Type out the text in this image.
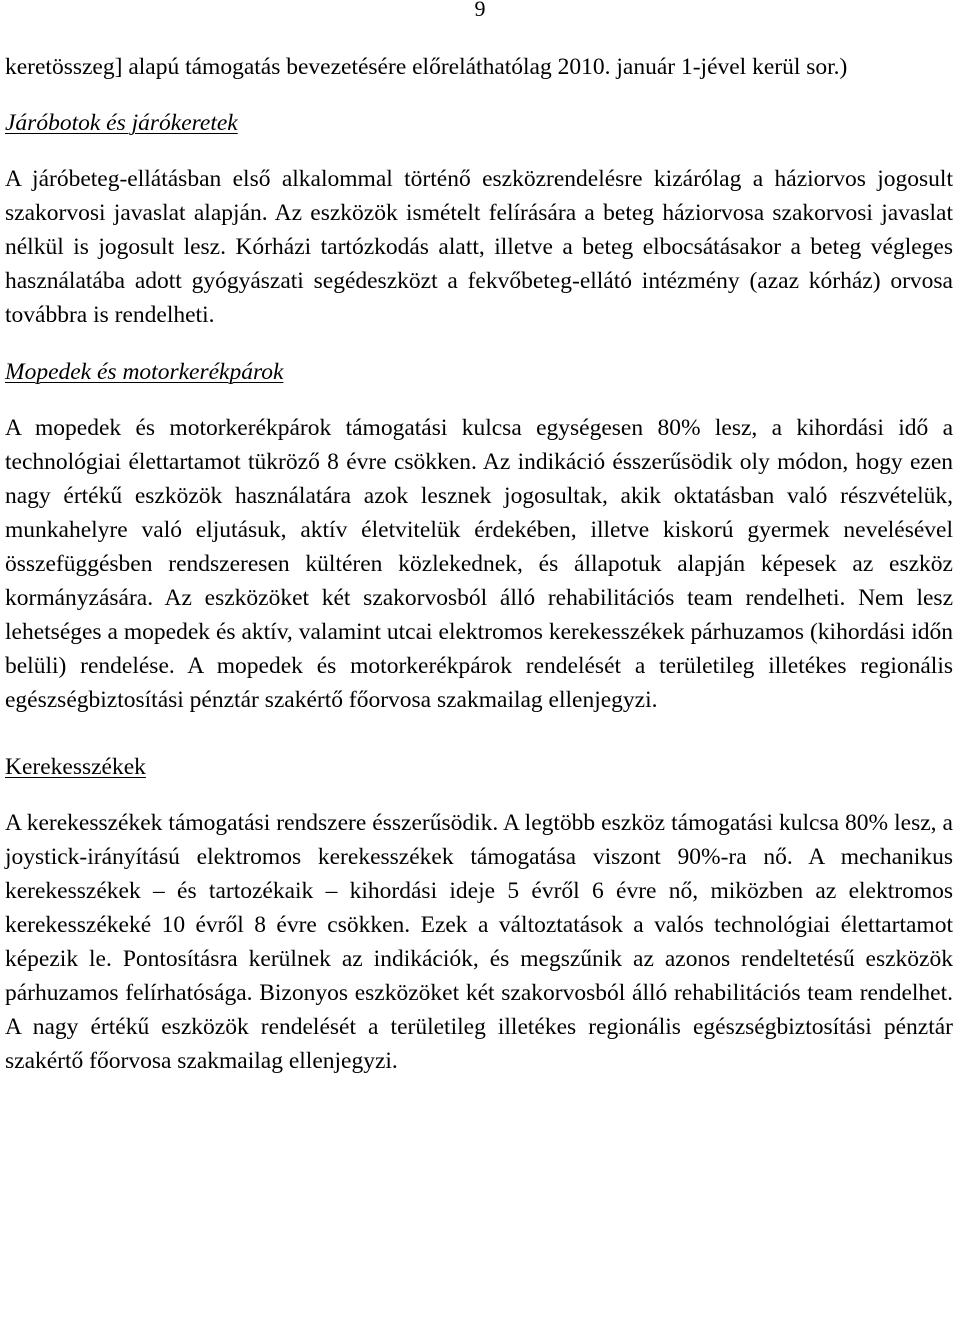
9

keretösszeg] alapú támogatás bevezetésére előreláthatólag 2010. január 1-jével kerül sor.)

Járóbotok és járókeretek

A járóbeteg-ellátásban első alkalommal történő eszközrendelésre kizárólag a háziorvos jogosult szakorvosi javaslat alapján. Az eszközök ismételt felírására a beteg háziorvosa szakorvosi javaslat nélkül is jogosult lesz. Kórházi tartózkodás alatt, illetve a beteg elbocsátásakor a beteg végleges használatába adott gyógyászati segédeszközt a fekvőbeteg-ellátó intézmény (azaz kórház) orvosa továbbra is rendelheti.

Mopedek és motorkerékpárok

A mopedek és motorkerékpárok támogatási kulcsa egységesen 80% lesz, a kihordási idő a technológiai élettartamot tükröző 8 évre csökken. Az indikáció ésszerűsödik oly módon, hogy ezen nagy értékű eszközök használatára azok lesznek jogosultak, akik oktatásban való részvételük, munkahelyre való eljutásuk, aktív életvitelük érdekében, illetve kiskorú gyermek nevelésével összefüggésben rendszeresen kültéren közlekednek, és állapotuk alapján képesek az eszköz kormányzására. Az eszközöket két szakorvosból álló rehabilitációs team rendelheti. Nem lesz lehetséges a mopedek és aktív, valamint utcai elektromos kerekesszékek párhuzamos (kihordási időn belüli) rendelése. A mopedek és motorkerékpárok rendelését a területileg illetékes regionális egészségbiztosítási pénztár szakértő főorvosa szakmailag ellenjegyzi.

Kerekesszékek

A kerekesszékek támogatási rendszere ésszerűsödik. A legtöbb eszköz támogatási kulcsa 80% lesz, a joystick-irányítású elektromos kerekesszékek támogatása viszont 90%-ra nő. A mechanikus kerekesszékek – és tartozékaik – kihordási ideje 5 évről 6 évre nő, miközben az elektromos kerekesszékeké 10 évről 8 évre csökken. Ezek a változtatások a valós technológiai élettartamot képezik le. Pontosításra kerülnek az indikációk, és megszűnik az azonos rendeltetésű eszközök párhuzamos felírhatósága. Bizonyos eszközöket két szakorvosból álló rehabilitációs team rendelhet. A nagy értékű eszközök rendelését a területileg illetékes regionális egészségbiztosítási pénztár szakértő főorvosa szakmailag ellenjegyzi.
